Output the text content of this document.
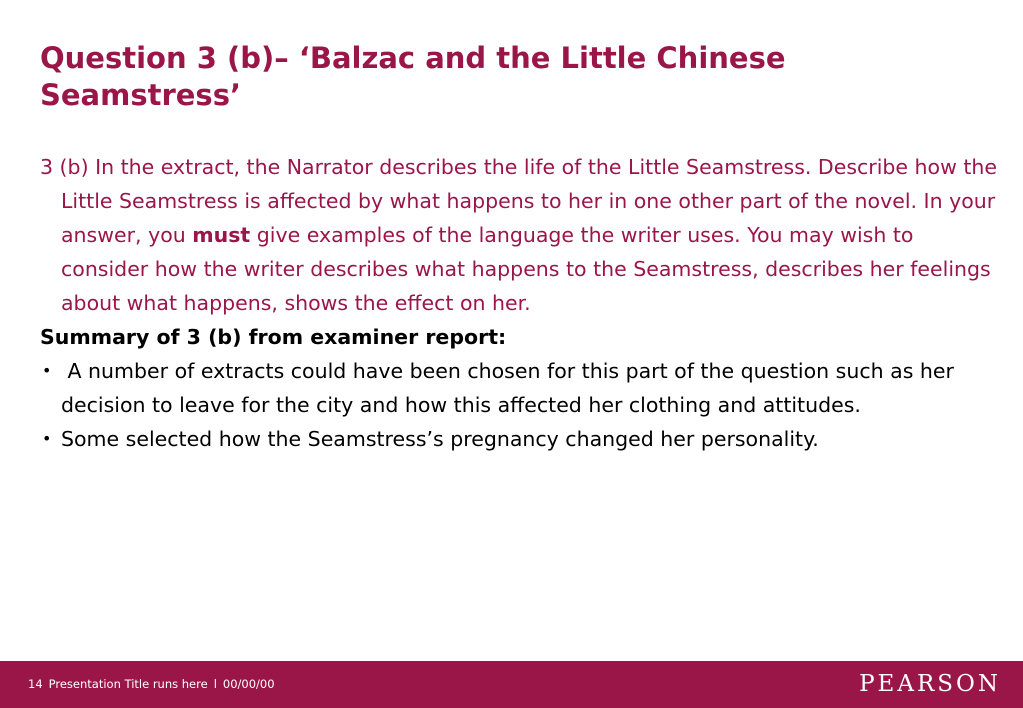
Question 3 (b)– ‘Balzac and the Little Chinese Seamstress’

3 (b) In the extract, the Narrator describes the life of the Little Seamstress. Describe how the Little Seamstress is affected by what happens to her in one other part of the novel. In your answer, you must give examples of the language the writer uses. You may wish to consider how the writer describes what happens to the Seamstress, describes her feelings about what happens, shows the effect on her.

Summary of 3 (b) from examiner report:

• A number of extracts could have been chosen for this part of the question such as her decision to leave for the city and how this affected her clothing and attitudes.
• Some selected how the Seamstress’s pregnancy changed her personality.
14 Presentation Title runs here l 00/00/00	PEARSON
